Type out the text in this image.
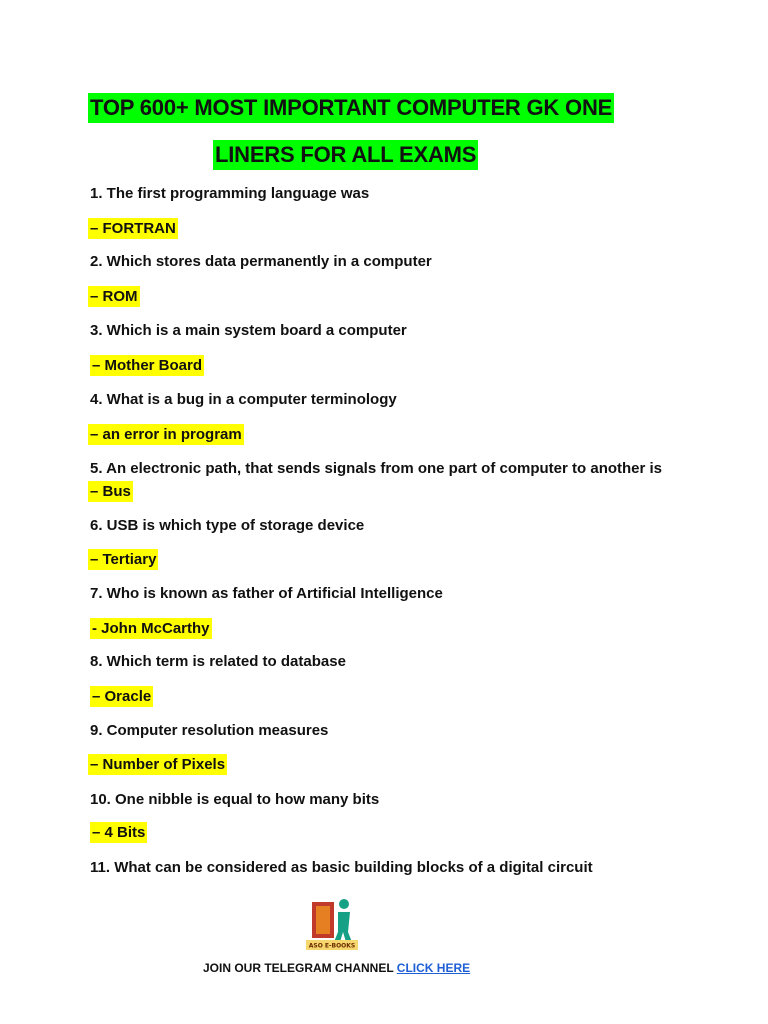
TOP 600+ MOST IMPORTANT COMPUTER GK ONE
LINERS FOR ALL EXAMS
1. The first programming language was
– FORTRAN
2. Which stores data permanently in a computer
– ROM
3. Which is a main system board a computer
– Mother Board
4. What is a bug in a computer terminology
– an error in program
5. An electronic path, that sends signals from one part of computer to another is
– Bus
6. USB is which type of storage device
– Tertiary
7. Who is known as father of Artificial Intelligence
- John McCarthy
8. Which term is related to database
– Oracle
9. Computer resolution measures
– Number of Pixels
10. One nibble is equal to how many bits
– 4 Bits
11. What can be considered as basic building blocks of a digital circuit
ASO E-BOOKS
JOIN OUR TELEGRAM CHANNEL CLICK HERE
